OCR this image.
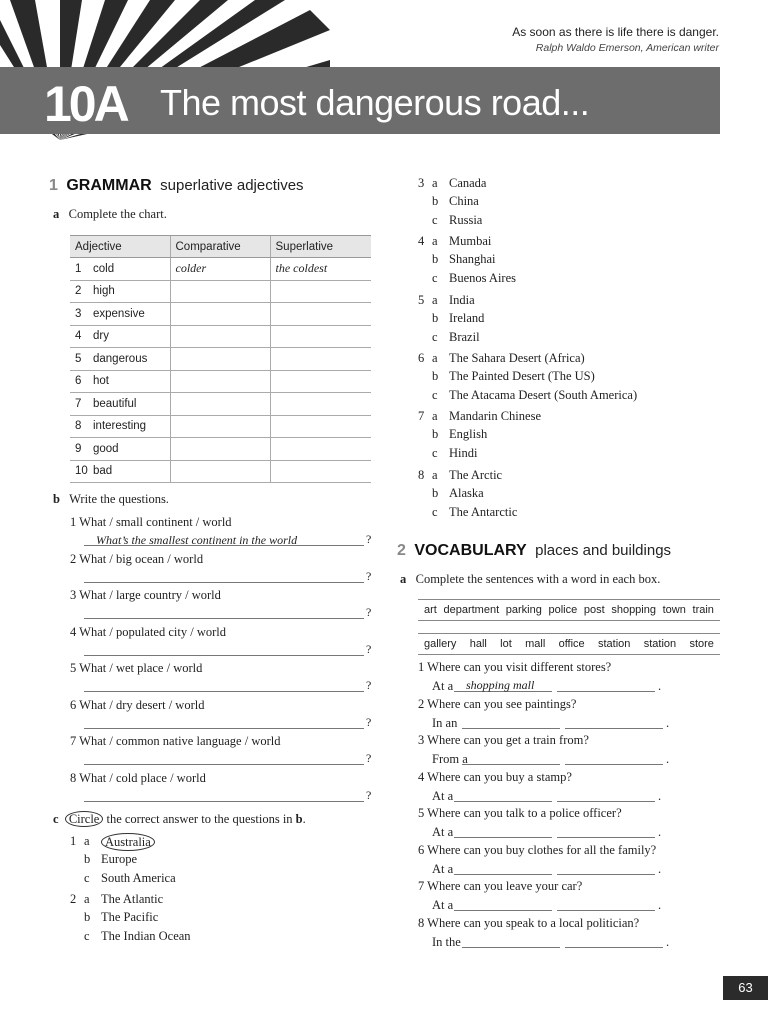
As soon as there is life there is danger.
Ralph Waldo Emerson, American writer
10A The most dangerous road...
1 GRAMMAR superlative adjectives
a Complete the chart.
Adjective	Comparative	Superlative
1 cold	colder	the coldest
2 high		
3 expensive		
4 dry		
5 dangerous		
6 hot		
7 beautiful		
8 interesting		
9 good		
10 bad		
b Write the questions.
1 What / small continent / world
What’s the smallest continent in the world	?
2 What / big ocean / world
?
3 What / large country / world
?
4 What / populated city / world
?
5 What / wet place / world
?
6 What / dry desert / world
?
7 What / common native language / world
?
8 What / cold place / world
?
c Circle the correct answer to the questions in b.
1 a	Australia
b Europe
c South America
2 a The Atlantic
b The Pacific
c The Indian Ocean
3 a Canada
b China
c Russia
4 a Mumbai
b Shanghai
c Buenos Aires
5 a India
b Ireland
c Brazil
6 a The Sahara Desert (Africa)
b The Painted Desert (The US)
c The Atacama Desert (South America)
7 a Mandarin Chinese
b English
c Hindi
8 a The Arctic
b Alaska
c The Antarctic
2 VOCABULARY places and buildings
a Complete the sentences with a word in each box.
art department parking police post shopping town train
gallery hall lot mall office station station store
1 Where can you visit different stores?
At a shopping mall	.
2 Where can you see paintings?
In an	.
3 Where can you get a train from?
From a	.
4 Where can you buy a stamp?
At a	.
5 Where can you talk to a police officer?
At a	.
6 Where can you buy clothes for all the family?
At a	.
7 Where can you leave your car?
At a	.
8 Where can you speak to a local politician?
In the	.
63
